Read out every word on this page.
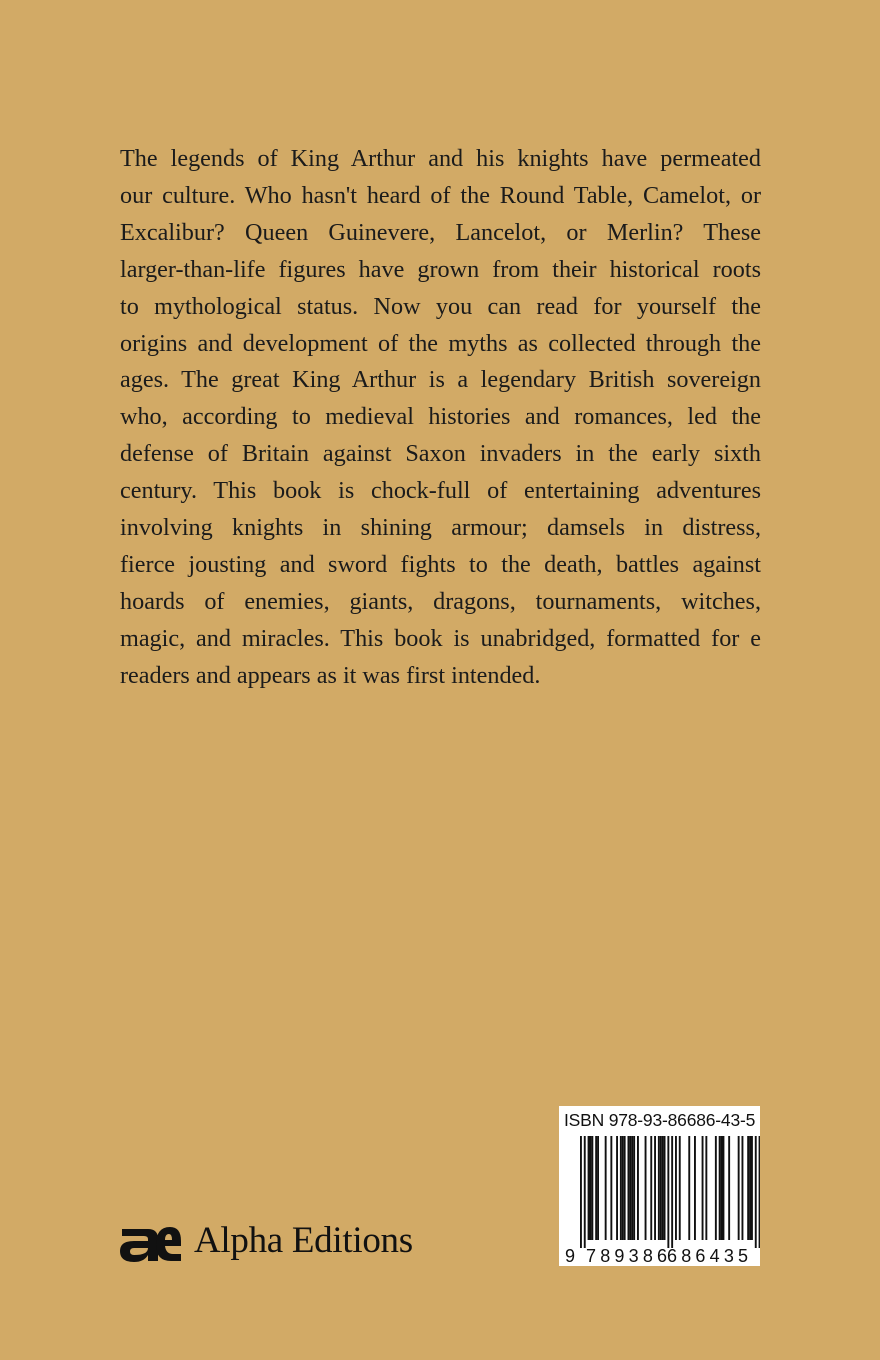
The legends of King Arthur and his knights have permeated
our culture. Who hasn't heard of the Round Table, Camelot, or
Excalibur? Queen Guinevere, Lancelot, or Merlin? These
larger-than-life figures have grown from their historical roots
to mythological status. Now you can read for yourself the
origins and development of the myths as collected through the
ages. The great King Arthur is a legendary British sovereign
who, according to medieval histories and romances, led the
defense of Britain against Saxon invaders in the early sixth
century. This book is chock-full of entertaining adventures
involving knights in shining armour; damsels in distress,
fierce jousting and sword fights to the death, battles against
hoards of enemies, giants, dragons, tournaments, witches,
magic, and miracles. This book is unabridged, formatted for e
readers and appears as it was first intended.
Alpha Editions
ISBN 978-93-86686-43-5
9 789386
686435
